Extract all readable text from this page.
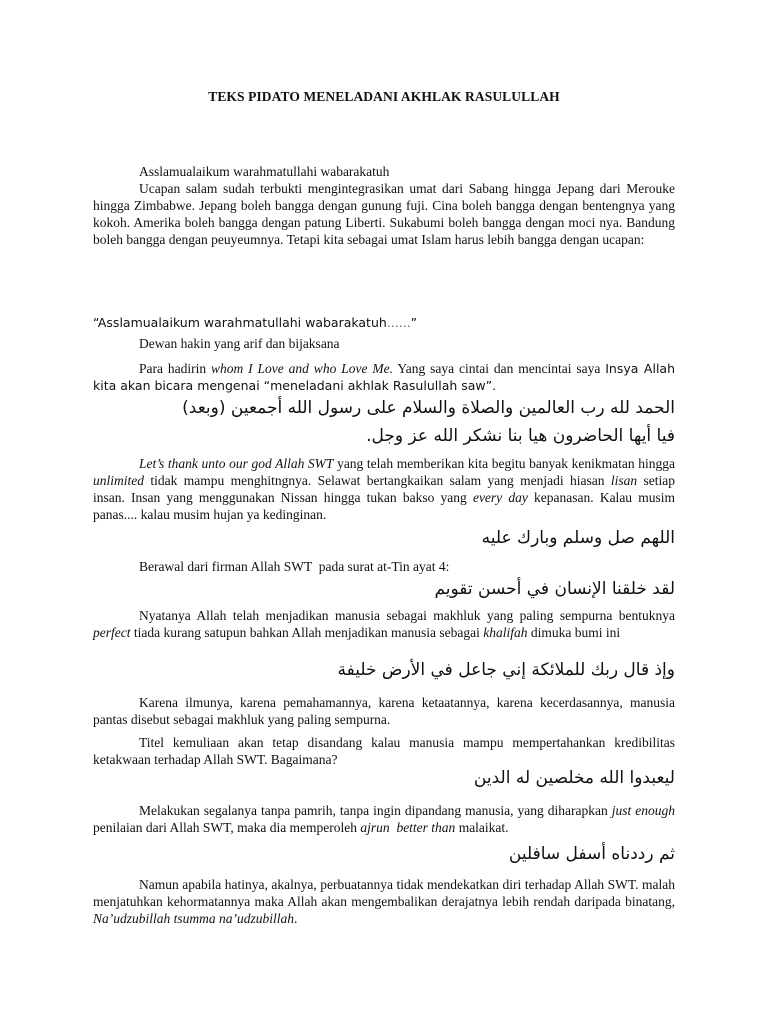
TEKS PIDATO MENELADANI AKHLAK RASULULLAH

Asslamualaikum warahmatullahi wabarakatuh

Ucapan salam sudah terbukti mengintegrasikan umat dari Sabang hingga Jepang dari Merouke hingga Zimbabwe. Jepang boleh bangga dengan gunung fuji. Cina boleh bangga dengan bentengnya yang kokoh. Amerika boleh bangga dengan patung Liberti. Sukabumi boleh bangga dengan moci nya. Bandung boleh bangga dengan peuyeumnya. Tetapi kita sebagai umat Islam harus lebih bangga dengan ucapan:

“Asslamualaikum warahmatullahi wabarakatuh......”

Dewan hakin yang arif dan bijaksana

Para hadirin whom I Love and who Love Me. Yang saya cintai dan mencintai saya Insya Allah kita akan bicara mengenai “meneladani akhlak Rasulullah saw”.

الحمد لله رب العالمين والصلاة والسلام على رسول الله أجمعين (وبعد)
فيا أيها الحاضرون هيا بنا نشكر الله عز وجل.

Let’s thank unto our god Allah SWT yang telah memberikan kita begitu banyak kenikmatan hingga unlimited tidak mampu menghitngnya. Selawat bertangkaikan salam yang menjadi hiasan lisan setiap insan. Insan yang menggunakan Nissan hingga tukan bakso yang every day kepanasan. Kalau musim panas.... kalau musim hujan ya kedinginan.

اللهم صل وسلم وبارك عليه

Berawal dari firman Allah SWT  pada surat at-Tin ayat 4:

لقد خلقنا الإنسان في أحسن تقويم

Nyatanya Allah telah menjadikan manusia sebagai makhluk yang paling sempurna bentuknya perfect tiada kurang satupun bahkan Allah menjadikan manusia sebagai khalifah dimuka bumi ini

وإذ قال ربك للملائكة إني جاعل في الأرض خليفة

Karena ilmunya, karena pemahamannya, karena ketaatannya, karena kecerdasannya, manusia pantas disebut sebagai makhluk yang paling sempurna.

Titel kemuliaan akan tetap disandang kalau manusia mampu mempertahankan kredibilitas ketakwaan terhadap Allah SWT. Bagaimana?

ليعبدوا الله مخلصين له الدين

Melakukan segalanya tanpa pamrih, tanpa ingin dipandang manusia, yang diharapkan just enough    penilaian dari Allah SWT, maka dia memperoleh ajrun better than malaikat.

ثم رددناه أسفل سافلين

Namun apabila hatinya, akalnya, perbuatannya tidak mendekatkan diri terhadap Allah SWT. malah menjatuhkan kehormatannya maka Allah akan mengembalikan derajatnya lebih rendah daripada binatang, Na’udzubillah tsumma na’udzubillah.
